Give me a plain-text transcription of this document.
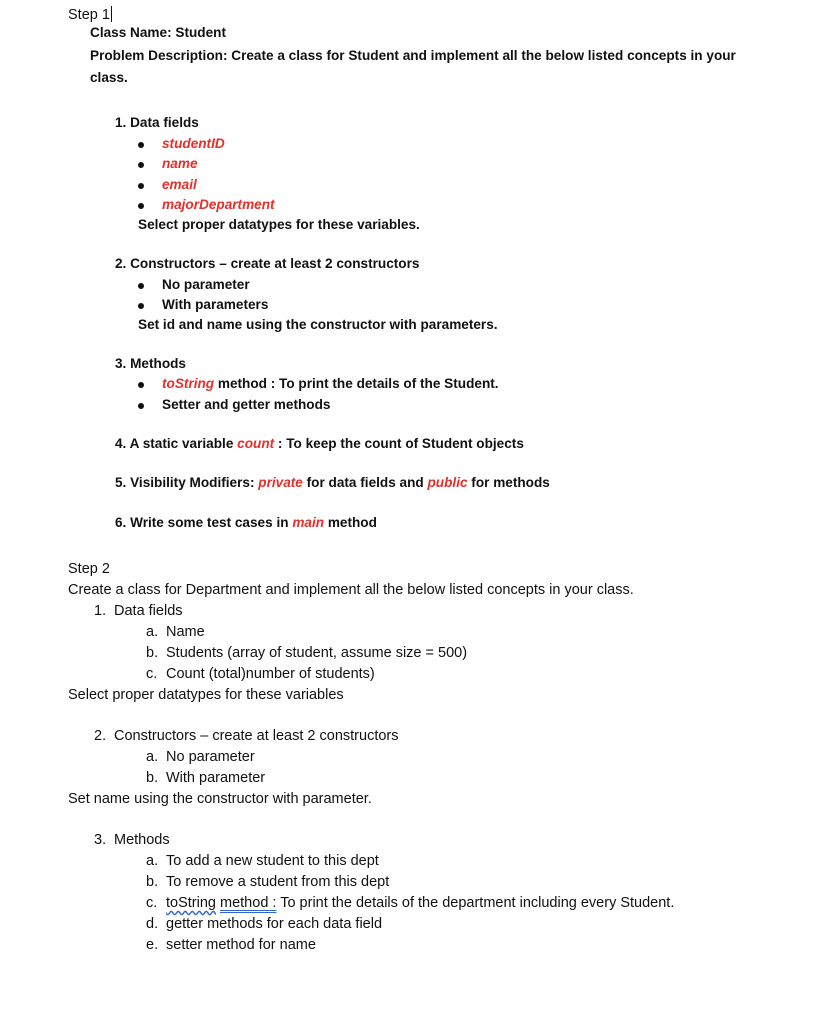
Step 1
Class Name: Student
Problem Description: Create a class for Student and implement all the below listed concepts in your
class.
1. Data fields
studentID
name
email
majorDepartment
Select proper datatypes for these variables.
2. Constructors – create at least 2 constructors
No parameter
With parameters
Set id and name using the constructor with parameters.
3. Methods
toString method : To print the details of the Student.
Setter and getter methods
4. A static variable count : To keep the count of Student objects
5. Visibility Modifiers: private for data fields and public for methods
6. Write some test cases in main method
Step 2
Create a class for Department and implement all the below listed concepts in your class.
1. Data fields
a. Name
b. Students (array of student, assume size = 500)
c. Count (total)number of students)
Select proper datatypes for these variables
2. Constructors – create at least 2 constructors
a. No parameter
b. With parameter
Set name using the constructor with parameter.
3. Methods
a. To add a new student to this dept
b. To remove a student from this dept
c. toString method : To print the details of the department including every Student.
d. getter methods for each data field
e. setter method for name
